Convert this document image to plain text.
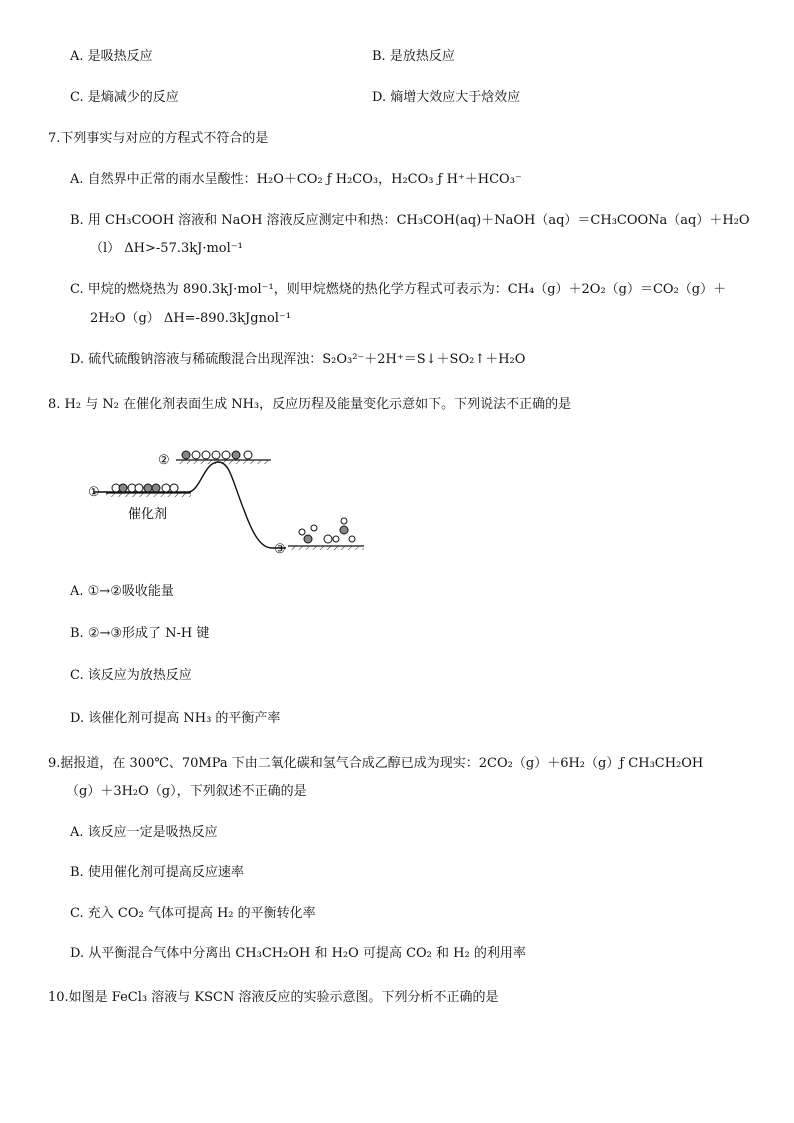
A. 是吸热反应	B. 是放热反应
C. 是熵减少的反应	D. 熵增大效应大于焓效应
7.下列事实与对应的方程式不符合的是
A. 自然界中正常的雨水呈酸性：H₂O＋CO₂ ƒ H₂CO₃，H₂CO₃ ƒ H⁺＋HCO₃⁻
B. 用 CH₃COOH 溶液和 NaOH 溶液反应测定中和热：CH₃COH(aq)＋NaOH（aq）＝CH₃COONa（aq）＋H₂O
（l） ΔH>-57.3kJ·mol⁻¹
C. 甲烷的燃烧热为 890.3kJ·mol⁻¹，则甲烷燃烧的热化学方程式可表示为：CH₄（g）＋2O₂（g）＝CO₂（g）＋
2H₂O（g） ΔH=-890.3kJgnol⁻¹
D. 硫代硫酸钠溶液与稀硫酸混合出现浑浊：S₂O₃²⁻＋2H⁺＝S↓＋SO₂↑＋H₂O
8. H₂ 与 N₂ 在催化剂表面生成 NH₃，反应历程及能量变化示意如下。下列说法不正确的是
①
催化剂
②
③
A. ①→②吸收能量
B. ②→③形成了 N-H 键
C. 该反应为放热反应
D. 该催化剂可提高 NH₃ 的平衡产率
9.据报道，在 300℃、70MPa 下由二氧化碳和氢气合成乙醇已成为现实：2CO₂（g）＋6H₂（g）ƒ CH₃CH₂OH
（g）＋3H₂O（g），下列叙述不正确的是
A. 该反应一定是吸热反应
B. 使用催化剂可提高反应速率
C. 充入 CO₂ 气体可提高 H₂ 的平衡转化率
D. 从平衡混合气体中分离出 CH₃CH₂OH 和 H₂O 可提高 CO₂ 和 H₂ 的利用率
10.如图是 FeCl₃ 溶液与 KSCN 溶液反应的实验示意图。下列分析不正确的是
